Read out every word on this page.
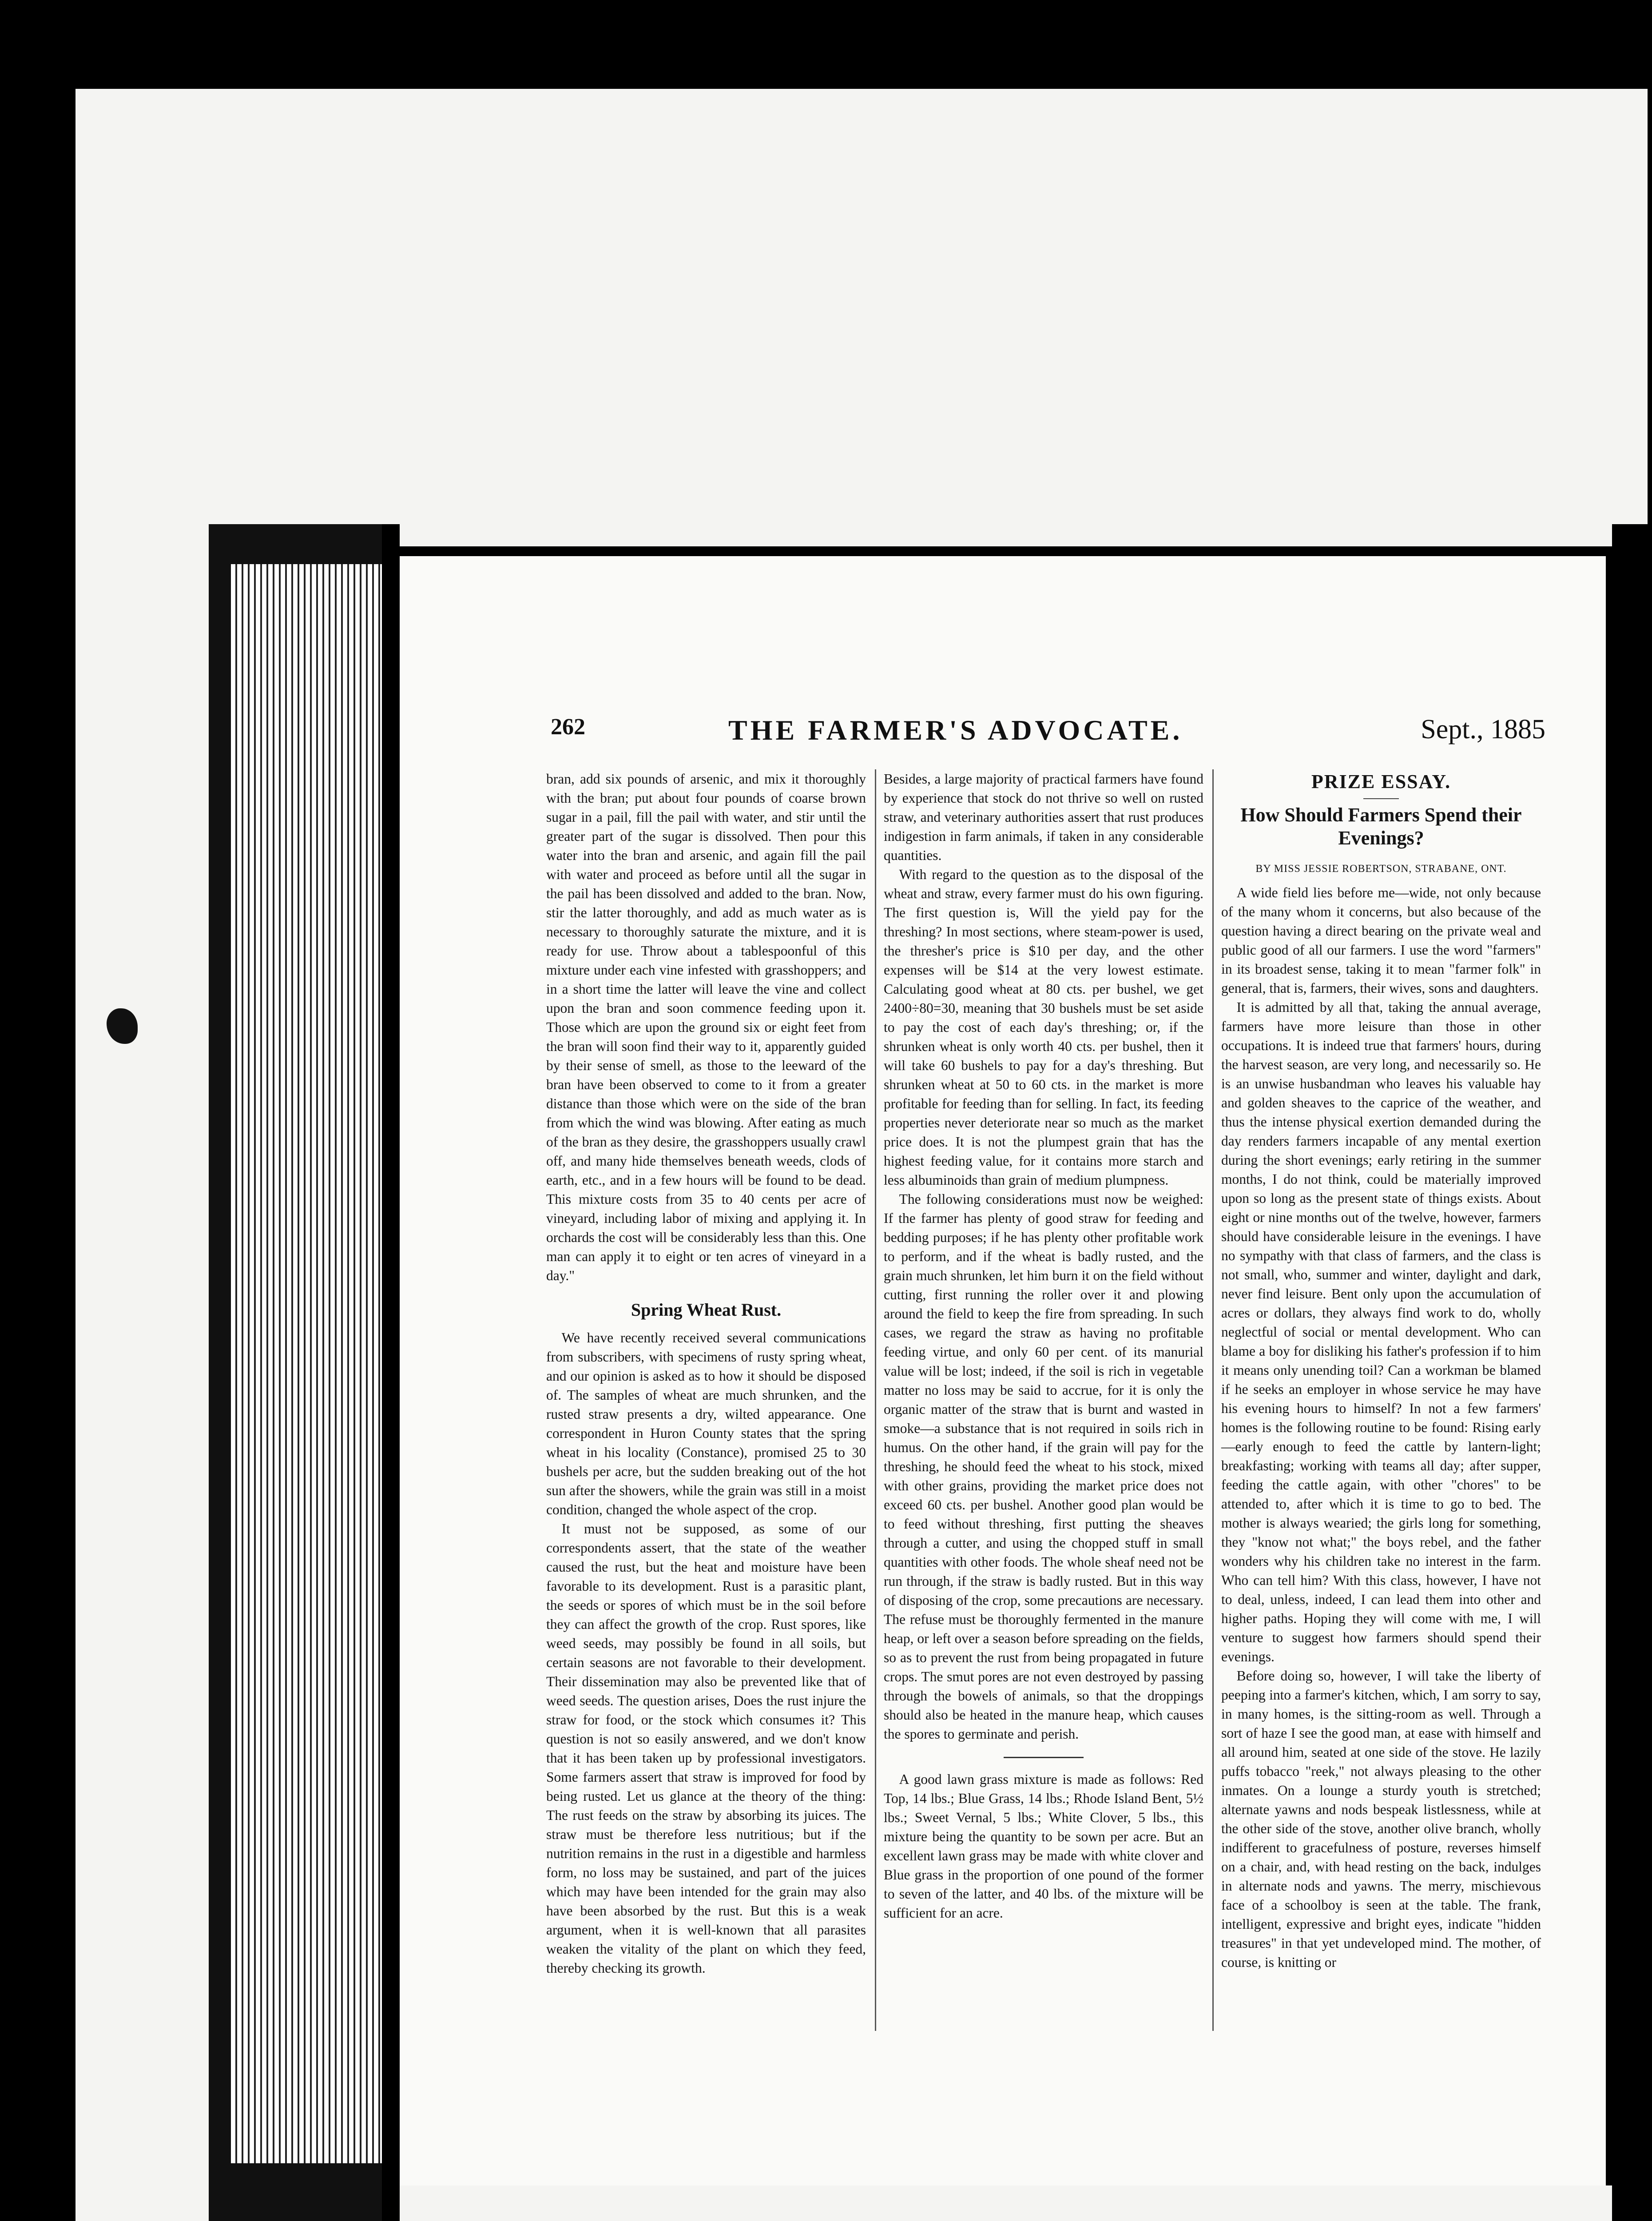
262	THE FARMER'S ADVOCATE.	Sept., 1885

bran, add six pounds of arsenic, and mix it thoroughly with the bran; put about four pounds of coarse brown sugar in a pail, fill the pail with water, and stir until the greater part of the sugar is dissolved. Then pour this water into the bran and arsenic, and again fill the pail with water and proceed as before until all the sugar in the pail has been dissolved and added to the bran. Now, stir the latter thoroughly, and add as much water as is necessary to thoroughly saturate the mixture, and it is ready for use. Throw about a tablespoonful of this mixture under each vine infested with grasshoppers; and in a short time the latter will leave the vine and collect upon the bran and soon commence feeding upon it. Those which are upon the ground six or eight feet from the bran will soon find their way to it, apparently guided by their sense of smell, as those to the leeward of the bran have been observed to come to it from a greater distance than those which were on the side of the bran from which the wind was blowing. After eating as much of the bran as they desire, the grasshoppers usually crawl off, and many hide themselves beneath weeds, clods of earth, etc., and in a few hours will be found to be dead. This mixture costs from 35 to 40 cents per acre of vineyard, including labor of mixing and applying it. In orchards the cost will be considerably less than this. One man can apply it to eight or ten acres of vineyard in a day."

Spring Wheat Rust.

We have recently received several communications from subscribers, with specimens of rusty spring wheat, and our opinion is asked as to how it should be disposed of. The samples of wheat are much shrunken, and the rusted straw presents a dry, wilted appearance. One correspondent in Huron County states that the spring wheat in his locality (Constance), promised 25 to 30 bushels per acre, but the sudden breaking out of the hot sun after the showers, while the grain was still in a moist condition, changed the whole aspect of the crop.

It must not be supposed, as some of our correspondents assert, that the state of the weather caused the rust, but the heat and moisture have been favorable to its development. Rust is a parasitic plant, the seeds or spores of which must be in the soil before they can affect the growth of the crop. Rust spores, like weed seeds, may possibly be found in all soils, but certain seasons are not favorable to their development. Their dissemination may also be prevented like that of weed seeds. The question arises, Does the rust injure the straw for food, or the stock which consumes it? This question is not so easily answered, and we don't know that it has been taken up by professional investigators. Some farmers assert that straw is improved for food by being rusted. Let us glance at the theory of the thing: The rust feeds on the straw by absorbing its juices. The straw must be therefore less nutritious; but if the nutrition remains in the rust in a digestible and harmless form, no loss may be sustained, and part of the juices which may have been intended for the grain may also have been absorbed by the rust. But this is a weak argument, when it is well-known that all parasites weaken the vitality of the plant on which they feed, thereby checking its growth.

Besides, a large majority of practical farmers have found by experience that stock do not thrive so well on rusted straw, and veterinary authorities assert that rust produces indigestion in farm animals, if taken in any considerable quantities.

With regard to the question as to the disposal of the wheat and straw, every farmer must do his own figuring. The first question is, Will the yield pay for the threshing? In most sections, where steam-power is used, the thresher's price is $10 per day, and the other expenses will be $14 at the very lowest estimate. Calculating good wheat at 80 cts. per bushel, we get 2400÷80=30, meaning that 30 bushels must be set aside to pay the cost of each day's threshing; or, if the shrunken wheat is only worth 40 cts. per bushel, then it will take 60 bushels to pay for a day's threshing. But shrunken wheat at 50 to 60 cts. in the market is more profitable for feeding than for selling. In fact, its feeding properties never deteriorate near so much as the market price does. It is not the plumpest grain that has the highest feeding value, for it contains more starch and less albuminoids than grain of medium plumpness.

The following considerations must now be weighed: If the farmer has plenty of good straw for feeding and bedding purposes; if he has plenty other profitable work to perform, and if the wheat is badly rusted, and the grain much shrunken, let him burn it on the field without cutting, first running the roller over it and plowing around the field to keep the fire from spreading. In such cases, we regard the straw as having no profitable feeding virtue, and only 60 per cent. of its manurial value will be lost; indeed, if the soil is rich in vegetable matter no loss may be said to accrue, for it is only the organic matter of the straw that is burnt and wasted in smoke—a substance that is not required in soils rich in humus. On the other hand, if the grain will pay for the threshing, he should feed the wheat to his stock, mixed with other grains, providing the market price does not exceed 60 cts. per bushel. Another good plan would be to feed without threshing, first putting the sheaves through a cutter, and using the chopped stuff in small quantities with other foods. The whole sheaf need not be run through, if the straw is badly rusted. But in this way of disposing of the crop, some precautions are necessary. The refuse must be thoroughly fermented in the manure heap, or left over a season before spreading on the fields, so as to prevent the rust from being propagated in future crops. The smut pores are not even destroyed by passing through the bowels of animals, so that the droppings should also be heated in the manure heap, which causes the spores to germinate and perish.

A good lawn grass mixture is made as follows: Red Top, 14 lbs.; Blue Grass, 14 lbs.; Rhode Island Bent, 5½ lbs.; Sweet Vernal, 5 lbs.; White Clover, 5 lbs., this mixture being the quantity to be sown per acre. But an excellent lawn grass may be made with white clover and Blue grass in the proportion of one pound of the former to seven of the latter, and 40 lbs. of the mixture will be sufficient for an acre.

PRIZE ESSAY.
How Should Farmers Spend their Evenings?
BY MISS JESSIE ROBERTSON, STRABANE, ONT.

A wide field lies before me—wide, not only because of the many whom it concerns, but also because of the question having a direct bearing on the private weal and public good of all our farmers. I use the word "farmers" in its broadest sense, taking it to mean "farmer folk" in general, that is, farmers, their wives, sons and daughters.

It is admitted by all that, taking the annual average, farmers have more leisure than those in other occupations. It is indeed true that farmers' hours, during the harvest season, are very long, and necessarily so. He is an unwise husbandman who leaves his valuable hay and golden sheaves to the caprice of the weather, and thus the intense physical exertion demanded during the day renders farmers incapable of any mental exertion during the short evenings; early retiring in the summer months, I do not think, could be materially improved upon so long as the present state of things exists. About eight or nine months out of the twelve, however, farmers should have considerable leisure in the evenings. I have no sympathy with that class of farmers, and the class is not small, who, summer and winter, daylight and dark, never find leisure. Bent only upon the accumulation of acres or dollars, they always find work to do, wholly neglectful of social or mental development. Who can blame a boy for disliking his father's profession if to him it means only unending toil? Can a workman be blamed if he seeks an employer in whose service he may have his evening hours to himself? In not a few farmers' homes is the following routine to be found: Rising early—early enough to feed the cattle by lantern-light; breakfasting; working with teams all day; after supper, feeding the cattle again, with other "chores" to be attended to, after which it is time to go to bed. The mother is always wearied; the girls long for something, they "know not what;" the boys rebel, and the father wonders why his children take no interest in the farm. Who can tell him? With this class, however, I have not to deal, unless, indeed, I can lead them into other and higher paths. Hoping they will come with me, I will venture to suggest how farmers should spend their evenings.

Before doing so, however, I will take the liberty of peeping into a farmer's kitchen, which, I am sorry to say, in many homes, is the sitting-room as well. Through a sort of haze I see the good man, at ease with himself and all around him, seated at one side of the stove. He lazily puffs tobacco "reek," not always pleasing to the other inmates. On a lounge a sturdy youth is stretched; alternate yawns and nods bespeak listlessness, while at the other side of the stove, another olive branch, wholly indifferent to gracefulness of posture, reverses himself on a chair, and, with head resting on the back, indulges in alternate nods and yawns. The merry, mischievous face of a schoolboy is seen at the table. The frank, intelligent, expressive and bright eyes, indicate "hidden treasures" in that yet undeveloped mind. The mother, of course, is knitting or
